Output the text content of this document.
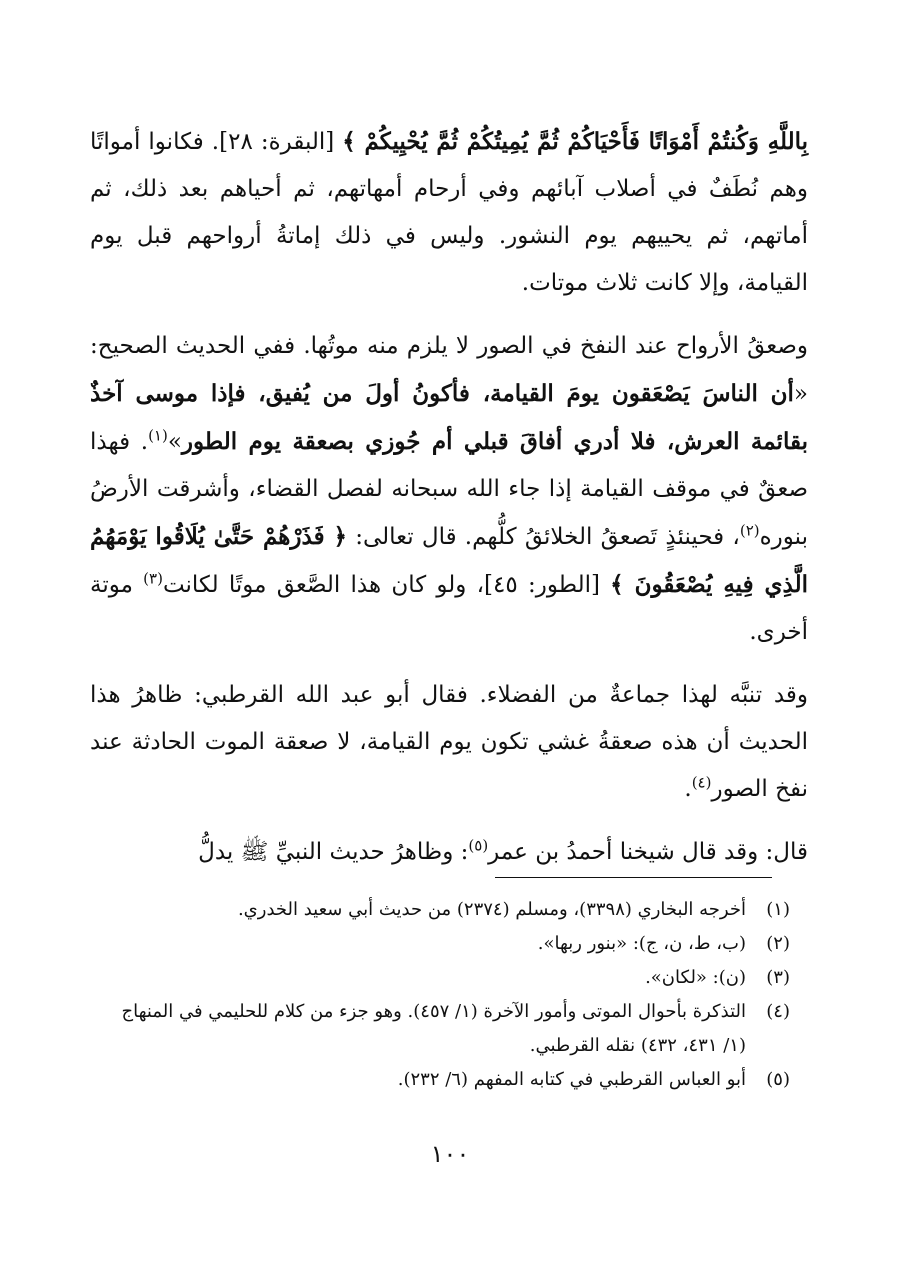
بِاللَّهِ وَكُنتُمْ أَمْوَاتًا فَأَحْيَاكُمْ ثُمَّ يُمِيتُكُمْ ثُمَّ يُحْيِيكُمْ ﴾ [البقرة: ٢٨]. فكانوا أمواتًا وهم نُطَفٌ في أصلاب آبائهم وفي أرحام أمهاتهم، ثم أحياهم بعد ذلك، ثم أماتهم، ثم يحييهم يوم النشور. وليس في ذلك إماتةُ أرواحهم قبل يوم القيامة، وإلا كانت ثلاث موتات.

وصعقُ الأرواح عند النفخ في الصور لا يلزم منه موتُها. ففي الحديث الصحيح: «أن الناسَ يَصْعَقون يومَ القيامة، فأكونُ أولَ من يُفيق، فإذا موسى آخذٌ بقائمة العرش، فلا أدري أفاقَ قبلي أم جُوزي بصعقة يوم الطور»$^{(١)}$. فهذا صعقٌ في موقف القيامة إذا جاء الله سبحانه لفصل القضاء، وأشرقت الأرضُ بنوره$^{(٢)}$، فحينئذٍ تَصعقُ الخلائقُ كلُّهم. قال تعالى: ﴿ فَذَرْهُمْ حَتَّىٰ يُلَاقُوا يَوْمَهُمُ الَّذِي فِيهِ يُصْعَقُونَ ﴾ [الطور: ٤٥]، ولو كان هذا الصَّعق موتًا لكانت$^{(٣)}$ موتة أخرى.

وقد تنبَّه لهذا جماعةٌ من الفضلاء. فقال أبو عبد الله القرطبي: ظاهرُ هذا الحديث أن هذه صعقةُ غشي تكون يوم القيامة، لا صعقة الموت الحادثة عند نفخ الصور$^{(٤)}$.

قال: وقد قال شيخنا أحمدُ بن عمر$^{(٥)}$: وظاهرُ حديث النبيِّ ﷺ يدلُّ

(١)
أخرجه البخاري (٣٣٩٨)، ومسلم (٢٣٧٤) من حديث أبي سعيد الخدري.
(٢)
(ب، ط، ن، ج): «بنور ربها».
(٣)
(ن): «لكان».
(٤)
التذكرة بأحوال الموتى وأمور الآخرة (١/ ٤٥٧). وهو جزء من كلام للحليمي في المنهاج (١/ ٤٣١، ٤٣٢) نقله القرطبي.
(٥)
أبو العباس القرطبي في كتابه المفهم (٦/ ٢٣٢).
١٠٠
